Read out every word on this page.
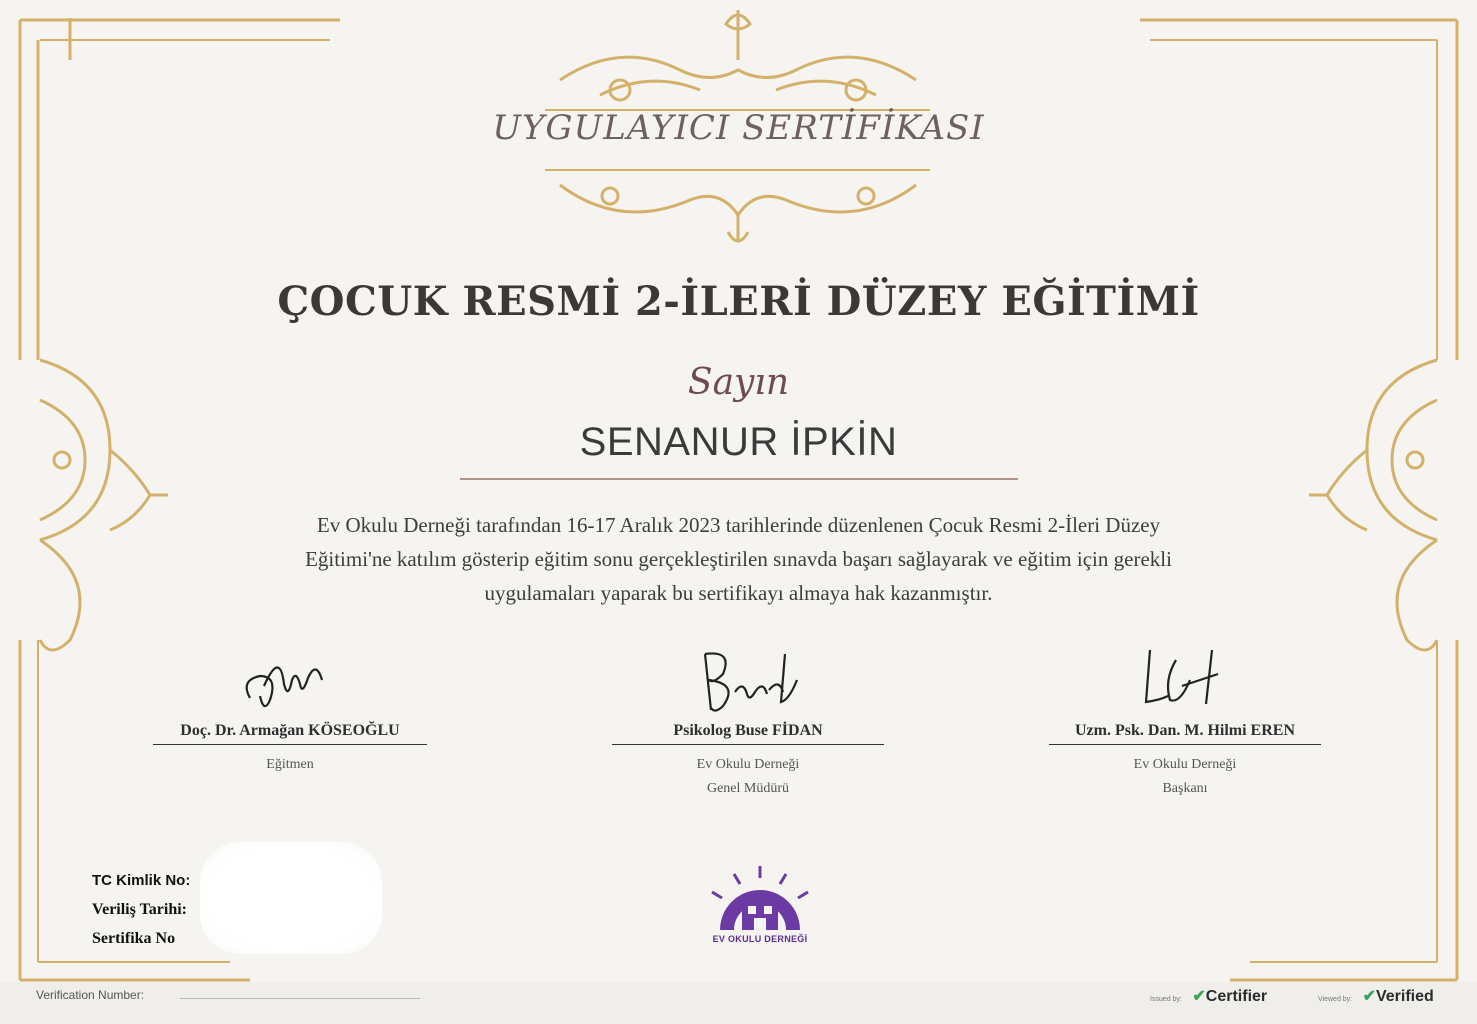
UYGULAYICI SERTİFİKASI
ÇOCUK RESMİ 2-İLERİ DÜZEY EĞİTİMİ
Sayın
SENANUR İPKİN
Ev Okulu Derneği tarafından 16-17 Aralık 2023 tarihlerinde düzenlenen Çocuk Resmi 2-İleri Düzey
Eğitimi'ne katılım gösterip eğitim sonu gerçekleştirilen sınavda başarı sağlayarak ve eğitim için gerekli
uygulamaları yaparak bu sertifikayı almaya hak kazanmıştır.
Doç. Dr. Armağan KÖSEOĞLU
Eğitmen
Psikolog Buse FİDAN
Ev Okulu Derneği
Genel Müdürü
Uzm. Psk. Dan. M. Hilmi EREN
Ev Okulu Derneği
Başkanı
TC Kimlik No:
Veriliş Tarihi:
Sertifika No	EV OKULU DERNEĞİ
Verification Number:	Issued by: ✔Certifier	Viewed by: ✔Verified
